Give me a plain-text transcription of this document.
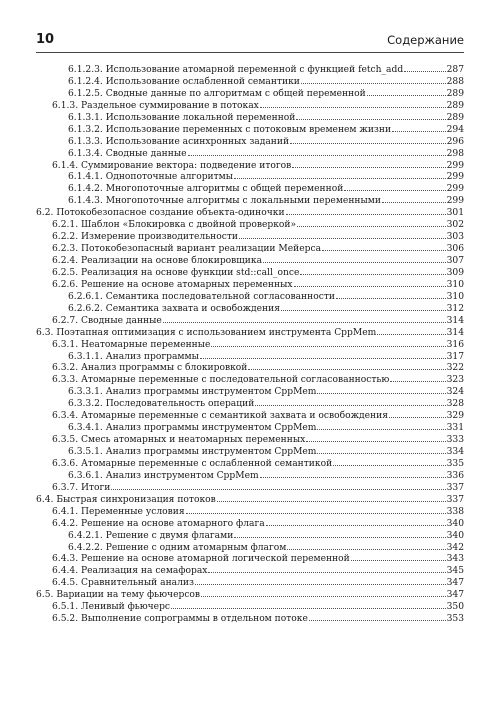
10	Содержание
6.1.2.3. Использование атомарной переменной с функцией fetch_add	287
6.1.2.4. Использование ослабленной семантики	288
6.1.2.5. Сводные данные по алгоритмам с общей переменной	289
6.1.3. Раздельное суммирование в потоках	289
6.1.3.1. Использование локальной переменной	289
6.1.3.2. Использование переменных с потоковым временем жизни	294
6.1.3.3. Использование асинхронных заданий	296
6.1.3.4. Сводные данные	298
6.1.4. Суммирование вектора: подведение итогов	299
6.1.4.1. Однопоточные алгоритмы	299
6.1.4.2. Многопоточные алгоритмы с общей переменной	299
6.1.4.3. Многопоточные алгоритмы с локальными переменными	299
6.2. Потокобезопасное создание объекта-одиночки	301
6.2.1. Шаблон «Блокировка с двойной проверкой»	302
6.2.2. Измерение производительности	303
6.2.3. Потокобезопасный вариант реализации Мейерса	306
6.2.4. Реализации на основе блокировщика	307
6.2.5. Реализация на основе функции std::call_once	309
6.2.6. Решение на основе атомарных переменных	310
6.2.6.1. Семантика последовательной согласованности	310
6.2.6.2. Семантика захвата и освобождения	312
6.2.7. Сводные данные	314
6.3. Поэтапная оптимизация с использованием инструмента CppMem	314
6.3.1. Неатомарные переменные	316
6.3.1.1. Анализ программы	317
6.3.2. Анализ программы с блокировкой	322
6.3.3. Атомарные переменные с последовательной согласованностью	323
6.3.3.1. Анализ программы инструментом CppMem	324
6.3.3.2. Последовательность операций	328
6.3.4. Атомарные переменные с семантикой захвата и освобождения	329
6.3.4.1. Анализ программы инструментом CppMem	331
6.3.5. Смесь атомарных и неатомарных переменных	333
6.3.5.1. Анализ программы инструментом CppMem	334
6.3.6. Атомарные переменные с ослабленной семантикой	335
6.3.6.1. Анализ инструментом CppMem	336
6.3.7. Итоги	337
6.4. Быстрая синхронизация потоков	337
6.4.1. Переменные условия	338
6.4.2. Решение на основе атомарного флага	340
6.4.2.1. Решение с двумя флагами	340
6.4.2.2. Решение с одним атомарным флагом	342
6.4.3. Решение на основе атомарной логической переменной	343
6.4.4. Реализация на семафорах	345
6.4.5. Сравнительный анализ	347
6.5. Вариации на тему фьючерсов	347
6.5.1. Ленивый фьючерс	350
6.5.2. Выполнение сопрограммы в отдельном потоке	353
